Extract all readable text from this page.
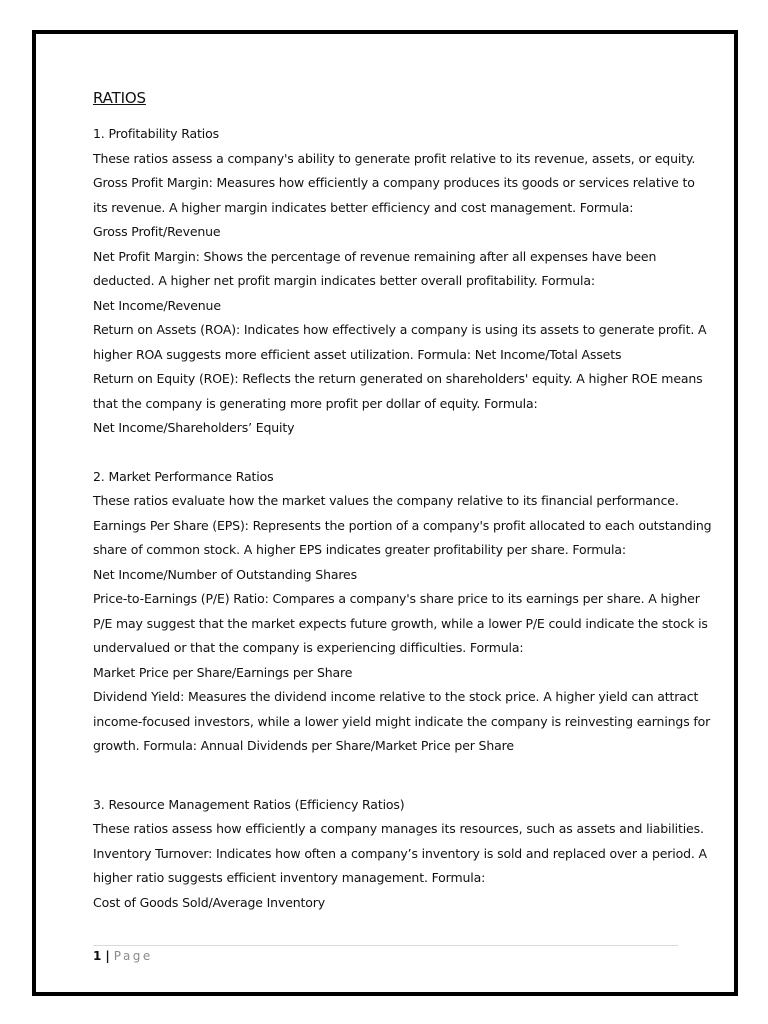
RATIOS
1. Profitability Ratios
These ratios assess a company's ability to generate profit relative to its revenue, assets, or equity.
Gross Profit Margin: Measures how efficiently a company produces its goods or services relative to
its revenue. A higher margin indicates better efficiency and cost management. Formula:
Gross Profit/Revenue
Net Profit Margin: Shows the percentage of revenue remaining after all expenses have been
deducted. A higher net profit margin indicates better overall profitability. Formula:
Net Income/Revenue
Return on Assets (ROA): Indicates how effectively a company is using its assets to generate profit. A
higher ROA suggests more efficient asset utilization. Formula: Net Income/Total Assets
Return on Equity (ROE): Reflects the return generated on shareholders' equity. A higher ROE means
that the company is generating more profit per dollar of equity. Formula:
Net Income/Shareholders’ Equity
2. Market Performance Ratios
These ratios evaluate how the market values the company relative to its financial performance.
Earnings Per Share (EPS): Represents the portion of a company's profit allocated to each outstanding
share of common stock. A higher EPS indicates greater profitability per share. Formula:
Net Income/Number of Outstanding Shares
Price-to-Earnings (P/E) Ratio: Compares a company's share price to its earnings per share. A higher
P/E may suggest that the market expects future growth, while a lower P/E could indicate the stock is
undervalued or that the company is experiencing difficulties. Formula:
Market Price per Share/Earnings per Share
Dividend Yield: Measures the dividend income relative to the stock price. A higher yield can attract
income-focused investors, while a lower yield might indicate the company is reinvesting earnings for
growth. Formula: Annual Dividends per Share/Market Price per Share
3. Resource Management Ratios (Efficiency Ratios)
These ratios assess how efficiently a company manages its resources, such as assets and liabilities.
Inventory Turnover: Indicates how often a company’s inventory is sold and replaced over a period. A
higher ratio suggests efficient inventory management. Formula:
Cost of Goods Sold/Average Inventory
1 | Page
